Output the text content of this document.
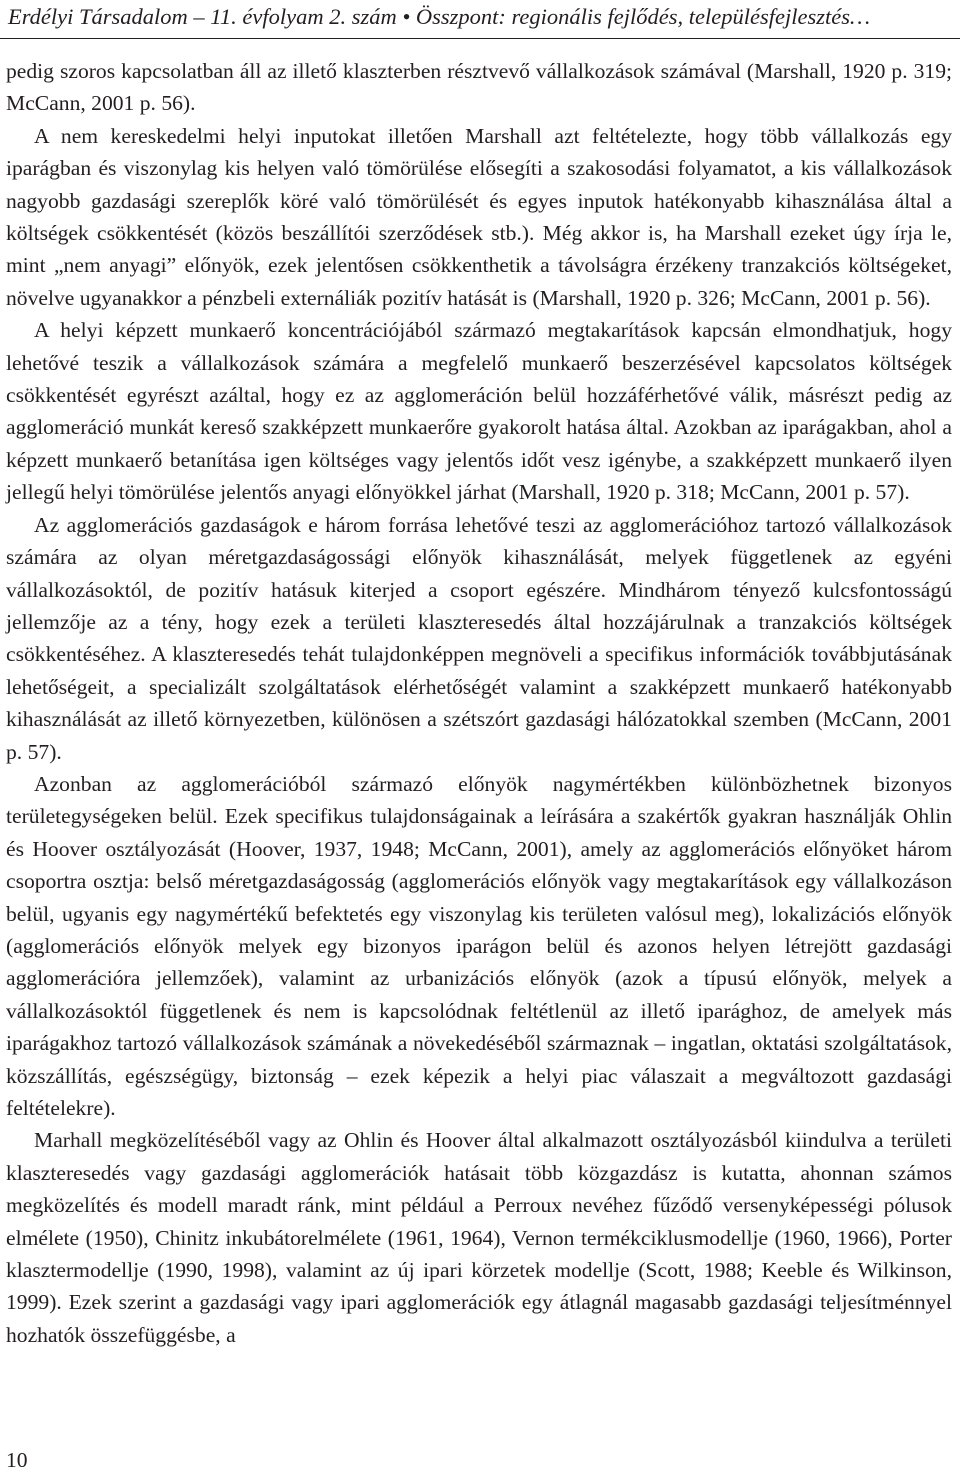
Erdélyi Társadalom – 11. évfolyam 2. szám • Összpont: regionális fejlődés, településfejlesztés…

pedig szoros kapcsolatban áll az illető klaszterben résztvevő vállalkozások számával (Marshall, 1920 p. 319; McCann, 2001 p. 56).

A nem kereskedelmi helyi inputokat illetően Marshall azt feltételezte, hogy több vállalkozás egy iparágban és viszonylag kis helyen való tömörülése elősegíti a szakosodási folyamatot, a kis vállalkozások nagyobb gazdasági szereplők köré való tömörülését és egyes inputok hatékonyabb kihasználása által a költségek csökkentését (közös beszállítói szerződések stb.). Még akkor is, ha Marshall ezeket úgy írja le, mint „nem anyagi” előnyök, ezek jelentősen csökkenthetik a távolságra érzékeny tranzakciós költségeket, növelve ugyanakkor a pénzbeli externáliák pozitív hatását is (Marshall, 1920 p. 326; McCann, 2001 p. 56).

A helyi képzett munkaerő koncentrációjából származó megtakarítások kapcsán elmondhatjuk, hogy lehetővé teszik a vállalkozások számára a megfelelő munkaerő beszerzésével kapcsolatos költségek csökkentését egyrészt azáltal, hogy ez az agglomeráción belül hozzáférhetővé válik, másrészt pedig az agglomeráció munkát kereső szakképzett munkaerőre gyakorolt hatása által. Azokban az iparágakban, ahol a képzett munkaerő betanítása igen költséges vagy jelentős időt vesz igénybe, a szakképzett munkaerő ilyen jellegű helyi tömörülése jelentős anyagi előnyökkel járhat (Marshall, 1920 p. 318; McCann, 2001 p. 57).

Az agglomerációs gazdaságok e három forrása lehetővé teszi az agglomerációhoz tartozó vállalkozások számára az olyan méretgazdaságossági előnyök kihasználását, melyek függetlenek az egyéni vállalkozásoktól, de pozitív hatásuk kiterjed a csoport egészére. Mindhárom tényező kulcsfontosságú jellemzője az a tény, hogy ezek a területi klaszteresedés által hozzájárulnak a tranzakciós költségek csökkentéséhez. A klaszteresedés tehát tulajdonképpen megnöveli a specifikus információk továbbjutásának lehetőségeit, a specializált szolgáltatások elérhetőségét valamint a szakképzett munkaerő hatékonyabb kihasználását az illető környezetben, különösen a szétszórt gazdasági hálózatokkal szemben (McCann, 2001 p. 57).

Azonban az agglomerációból származó előnyök nagymértékben különbözhetnek bizonyos területegységeken belül. Ezek specifikus tulajdonságainak a leírására a szakértők gyakran használják Ohlin és Hoover osztályozását (Hoover, 1937, 1948; McCann, 2001), amely az agglomerációs előnyöket három csoportra osztja: belső méretgazdaságosság (agglomerációs előnyök vagy megtakarítások egy vállalkozáson belül, ugyanis egy nagymértékű befektetés egy viszonylag kis területen valósul meg), lokalizációs előnyök (agglomerációs előnyök melyek egy bizonyos iparágon belül és azonos helyen létrejött gazdasági agglomerációra jellemzőek), valamint az urbanizációs előnyök (azok a típusú előnyök, melyek a vállalkozásoktól függetlenek és nem is kapcsolódnak feltétlenül az illető iparághoz, de amelyek más iparágakhoz tartozó vállalkozások számának a növekedéséből származnak – ingatlan, oktatási szolgáltatások, közszállítás, egészségügy, biztonság – ezek képezik a helyi piac válaszait a megváltozott gazdasági feltételekre).

Marhall megközelítéséből vagy az Ohlin és Hoover által alkalmazott osztályozásból kiindulva a területi klaszteresedés vagy gazdasági agglomerációk hatásait több közgazdász is kutatta, ahonnan számos megközelítés és modell maradt ránk, mint például a Perroux nevéhez fűződő versenyképességi pólusok elmélete (1950), Chinitz inkubátorelmélete (1961, 1964), Vernon termékciklusmodellje (1960, 1966), Porter klasztermodellje (1990, 1998), valamint az új ipari körzetek modellje (Scott, 1988; Keeble és Wilkinson, 1999). Ezek szerint a gazdasági vagy ipari agglomerációk egy átlagnál magasabb gazdasági teljesítménnyel hozhatók összefüggésbe, a

10
